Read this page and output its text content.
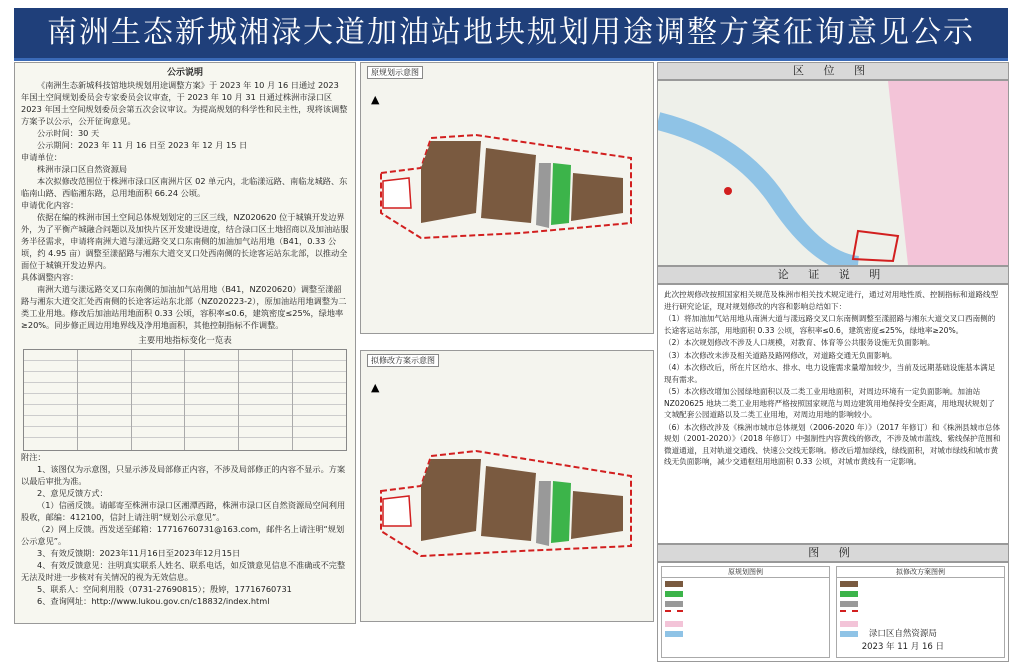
南洲生态新城湘渌大道加油站地块规划用途调整方案征询意见公示
公示说明

《南洲生态新城科技馆地块规划用途调整方案》于 2023 年 10 月 16 日通过 2023 年国土空间规划委员会专家委员会议审查，于 2023 年 10 月 31 日通过株洲市渌口区 2023 年国土空间规划委员会第五次会议审议。为提高规划的科学性和民主性，现将该调整方案予以公示，公开征询意见。

公示时间：30 天

公示期间：2023 年 11 月 16 日至 2023 年 12 月 15 日

申请单位：

株洲市渌口区自然资源局

本次拟修改范围位于株洲市渌口区南洲片区 02 单元内，北临漾远路、南临龙城路、东临南山路、西临湘东路，总用地面积 66.24 公顷。

申请优化内容：

依据在编的株洲市国土空间总体规划划定的三区三线，NZ020620 位于城镇开发边界外，为了平衡产城融合问题以及加快片区开发建设进度，结合渌口区土地招商以及加油站服务半径需求，申请将南洲大道与漾远路交叉口东南侧的加油加气站用地（B41，0.33 公顷，约 4.95 亩）调整至漾韶路与湘东大道交叉口处西南侧的长途客运站东北部，以推动全面位于城镇开发边界内。

具体调整内容：

南洲大道与漾远路交叉口东南侧的加油加气站用地（B41，NZ020620）调整至漾韶路与湘东大道交汇处西南侧的长途客运站东北部（NZ020223-2），原加油站用地调整为二类工业用地。修改后加油站用地面积 0.33 公顷，容积率≤0.6，建筑密度≤25%，绿地率≥20%。同步修正周边用地界线及净用地面积，其他控制指标不作调整。

主要用地指标变化一览表

附注：

1、该图仅为示意图，只显示涉及局部修正内容，不涉及局部修正的内容不显示。方案以最后审批为准。

2、意见反馈方式：

（1）信函反馈。请邮寄至株洲市渌口区湘潭西路，株洲市渌口区自然资源局空间利用股收，邮编：412100，信封上请注明“规划公示意见”。

（2）网上反馈。西发送至邮箱：17716760731@163.com，邮件名上请注明“规划公示意见”。

3、有效反馈期：2023年11月16日至2023年12月15日

4、有效反馈意见：注明真实联系人姓名、联系电话，如反馈意见信息不准确或不完整无法及时进一步核对有关情况的视为无效信息。

5、联系人：空间利用股（0731-27690815）；殷婷，17716760731

6、查询网址：http://www.lukou.gov.cn/c18832/index.html

原规划示意图
▲
拟修改方案示意图
▲
区 位 图
论 证 说 明

此次控规修改按照国家相关规范及株洲市相关技术规定进行，通过对用地性质、控制指标和道路线型进行研究论证，现对规划修改的内容和影响总结如下：

（1）将加油加气站用地从南洲大道与漾远路交叉口东南侧调整至漾韶路与湘东大道交叉口西南侧的长途客运站东部，用地面积 0.33 公顷，容积率≤0.6，建筑密度≤25%，绿地率≥20%。

（2）本次规划修改不涉及人口规模，对教育、体育等公共服务设施无负面影响。

（3）本次修改未涉及相关道路及路网修改，对道路交通无负面影响。

（4）本次修改后，所在片区给水、排水、电力设施需求量增加较少，当前及远期基础设施基本满足现有需求。

（5）本次修改增加公园绿地面积以及二类工业用地面积，对周边环境有一定负面影响。加油站 NZ020625 地块二类工业用地将严格按照国家规范与周边建筑用地保持安全距离，用地现状规划了文城配套公园道路以及二类工业用地，对周边用地的影响较小。

（6）本次修改涉及《株洲市城市总体规划（2006-2020 年）》（2017 年修订）和《株洲县城市总体规划（2001-2020）》（2018 年修订）中强制性内容黄线的修改，不涉及城市蓝线、紫线保护范围和微道通道，且对轨道交通线、快速公交线无影响。修改后增加绿线，绿线面积，对城市绿线和城市黄线无负面影响，减少交通枢纽用地面积 0.33 公顷，对城市黄线有一定影响。

图 例
原规划图例	拟修改方案图例
渌口区自然资源局
2023 年 11 月 16 日
